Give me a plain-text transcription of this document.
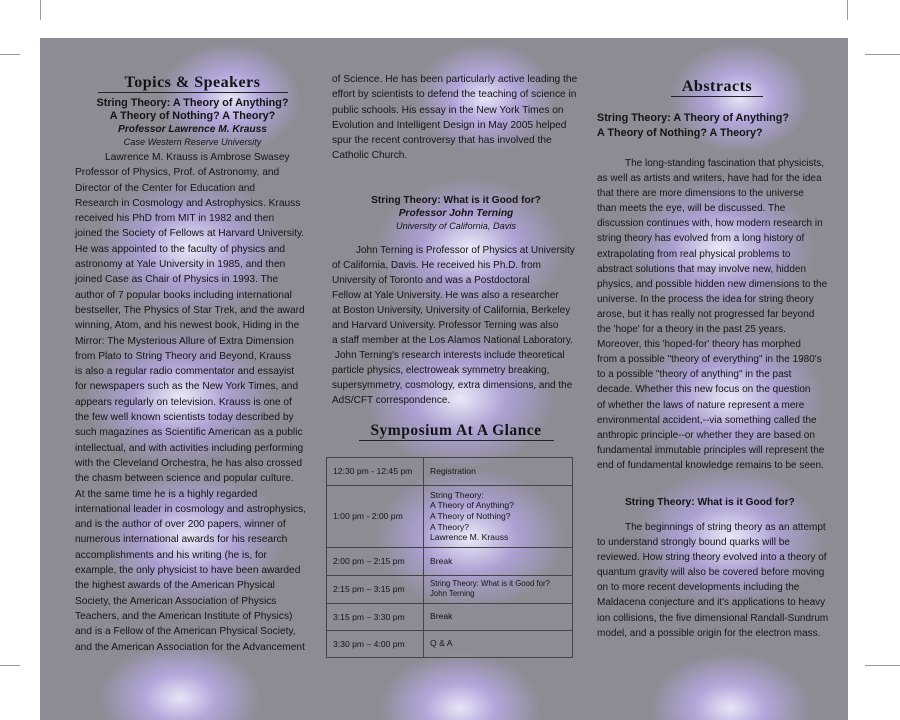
Topics & Speakers

String Theory: A Theory of Anything?

A Theory of Nothing? A Theory?

Professor Lawrence M. Krauss

Case Western Reserve University

Lawrence M. Krauss is Ambrose Swasey

Professor of Physics, Prof. of Astronomy, and

Director of the Center for Education and

Research in Cosmology and Astrophysics. Krauss

received his PhD from MIT in 1982 and then

joined the Society of Fellows at Harvard University.

He was appointed to the faculty of physics and

astronomy at Yale University in 1985, and then

joined Case as Chair of Physics in 1993. The

author of 7 popular books including international

bestseller, The Physics of Star Trek, and the award

winning, Atom, and his newest book, Hiding in the

Mirror: The Mysterious Allure of Extra Dimension

from Plato to String Theory and Beyond, Krauss

is also a regular radio commentator and essayist

for newspapers such as the New York Times, and

appears regularly on television. Krauss is one of

the few well known scientists today described by

such magazines as Scientific American as a public

intellectual, and with activities including performing

with the Cleveland Orchestra, he has also crossed

the chasm between science and popular culture.

At the same time he is a highly regarded

international leader in cosmology and astrophysics,

and is the author of over 200 papers, winner of

numerous international awards for his research

accomplishments and his writing (he is, for

example, the only physicist to have been awarded

the highest awards of the American Physical

Society, the American Association of Physics

Teachers, and the American Institute of Physics)

and is a Fellow of the American Physical Society,

and the American Association for the Advancement

of Science. He has been particularly active leading the

effort by scientists to defend the teaching of science in

public schools. His essay in the New York Times on

Evolution and Intelligent Design in May 2005 helped

spur the recent controversy that has involved the

Catholic Church.

String Theory: What is it Good for?

Professor John Terning

University of California, Davis

John Terning is Professor of Physics at University

of California, Davis. He received his Ph.D. from

University of Toronto and was a Postdoctoral

Fellow at Yale University. He was also a researcher

at Boston University, University of California, Berkeley

and Harvard University. Professor Terning was also

a staff member at the Los Alamos National Laboratory.

John Terning's research interests include theoretical

particle physics, electroweak symmetry breaking,

supersymmetry, cosmology, extra dimensions, and the

AdS/CFT correspondence.

Symposium At A Glance

12:30 pm - 12:45 pm	Registration

1:00 pm - 2:00 pm	String Theory:
A Theory of Anything?
A Theory of Nothing?
A Theory?
Lawrence M. Krauss

2:00 pm – 2:15 pm	Break

2:15 pm – 3:15 pm	String Theory: What is it Good for?
John Terning

3:15 pm – 3:30 pm	Break

3:30 pm – 4:00 pm	Q & A

Abstracts

String Theory: A Theory of Anything?

A Theory of Nothing? A Theory?

The long-standing fascination that physicists,

as well as artists and writers, have had for the idea

that there are more dimensions to the universe

than meets the eye, will be discussed. The

discussion continues with, how modern research in

string theory has evolved from a long history of

extrapolating from real physical problems to

abstract solutions that may involve new, hidden

physics, and possible hidden new dimensions to the

universe. In the process the idea for string theory

arose, but it has really not progressed far beyond

the 'hope' for a theory in the past 25 years.

Moreover, this 'hoped-for' theory has morphed

from a possible "theory of everything" in the 1980's

to a possible "theory of anything" in the past

decade. Whether this new focus on the question

of whether the laws of nature represent a mere

environmental accident,--via something called the

anthropic principle--or whether they are based on

fundamental immutable principles will represent the

end of fundamental knowledge remains to be seen.

String Theory: What is it Good for?

The beginnings of string theory as an attempt

to understand strongly bound quarks will be

reviewed. How string theory evolved into a theory of

quantum gravity will also be covered before moving

on to more recent developments including the

Maldacena conjecture and it's applications to heavy

ion collisions, the five dimensional Randall-Sundrum

model, and a possible origin for the electron mass.
